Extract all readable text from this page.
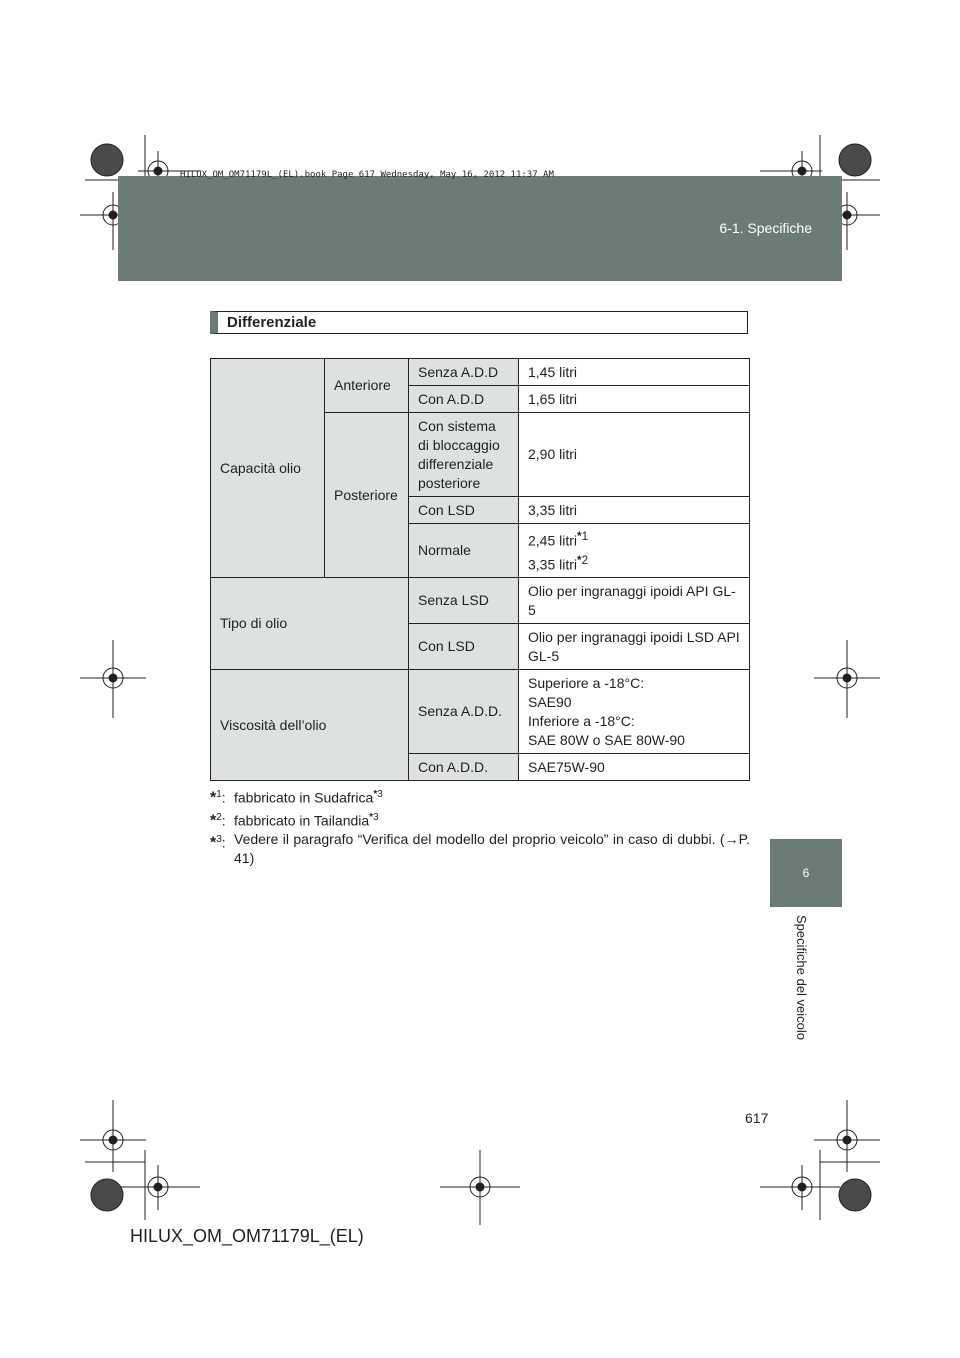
6-1. Specifiche
HILUX_OM_OM71179L_(EL).book Page 617 Wednesday, May 16, 2012 11:37 AM
6
Specifiche del veicolo
Differenziale
Capacità olio	Anteriore	Senza A.D.D	1,45 litri
		Con A.D.D	1,65 litri
	Posteriore	Con sistema di bloccaggio differenziale posteriore	2,90 litri
		Con LSD	3,35 litri
		Normale	2,45 litri$^{*1}$
3,35 litri$^{*2}$
Tipo di olio		Senza LSD	Olio per ingranaggi ipoidi API GL-5
		Con LSD	Olio per ingranaggi ipoidi LSD API GL-5
Viscosità dell’olio		Senza A.D.D.	Superiore a -18°C:
SAE90
Inferiore a -18°C:
SAE 80W o SAE 80W-90

		Con A.D.D.	SAE75W-90
*$^1$: fabbricato in Sudafrica$^{*3}$
*$^2$: fabbricato in Tailandia$^{*3}$
*$^3$: Vedere il paragrafo “Verifica del modello del proprio veicolo” in caso di dubbi. (→P. 41)
617
HILUX_OM_OM71179L_(EL)
